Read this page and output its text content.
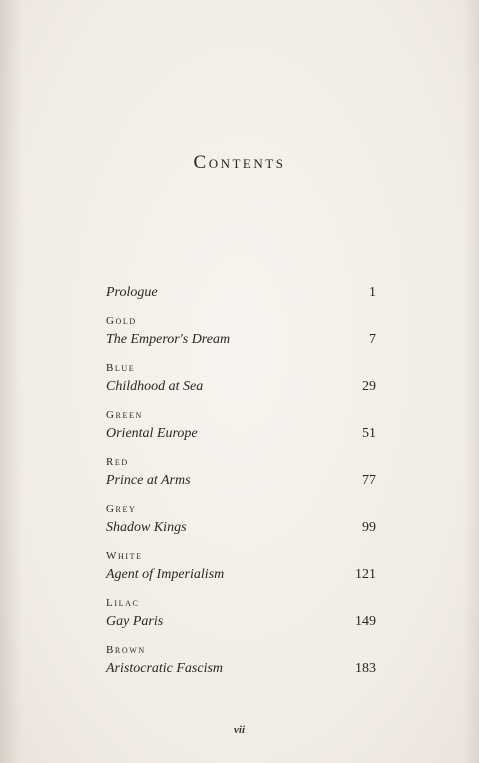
Contents
Prologue	1
Gold
The Emperor's Dream	7
Blue
Childhood at Sea	29
Green
Oriental Europe	51
Red
Prince at Arms	77
Grey
Shadow Kings	99
White
Agent of Imperialism	121
Lilac
Gay Paris	149
Brown
Aristocratic Fascism	183
vii
